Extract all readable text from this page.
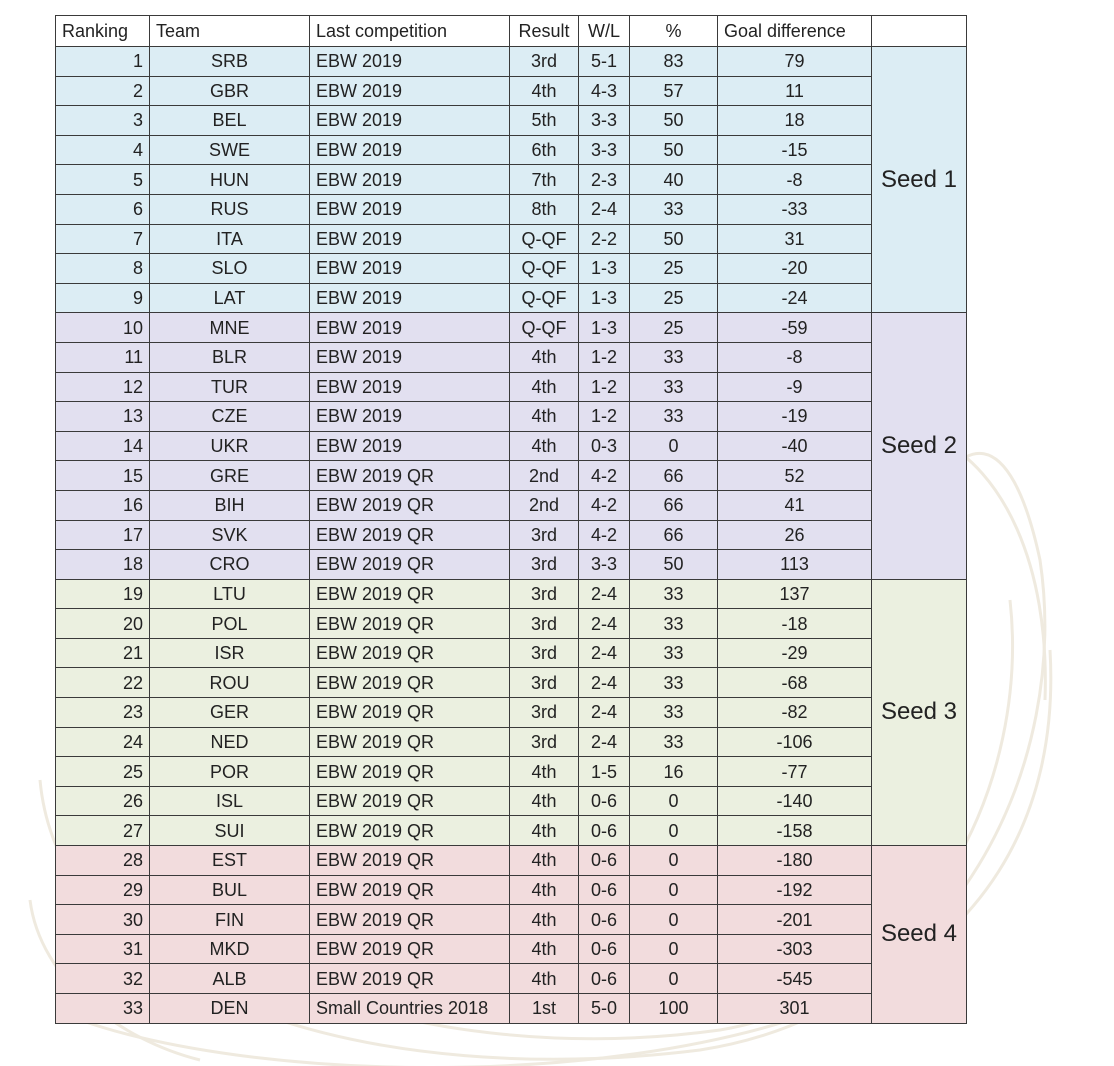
Ranking	Team	Last competition	Result	W/L	%	Goal difference	
1	SRB	EBW 2019	3rd	5-1	83	79	Seed 1
2	GBR	EBW 2019	4th	4-3	57	11	
3	BEL	EBW 2019	5th	3-3	50	18	
4	SWE	EBW 2019	6th	3-3	50	-15	
5	HUN	EBW 2019	7th	2-3	40	-8	
6	RUS	EBW 2019	8th	2-4	33	-33	
7	ITA	EBW 2019	Q-QF	2-2	50	31	
8	SLO	EBW 2019	Q-QF	1-3	25	-20	
9	LAT	EBW 2019	Q-QF	1-3	25	-24	
10	MNE	EBW 2019	Q-QF	1-3	25	-59	Seed 2
11	BLR	EBW 2019	4th	1-2	33	-8	
12	TUR	EBW 2019	4th	1-2	33	-9	
13	CZE	EBW 2019	4th	1-2	33	-19	
14	UKR	EBW 2019	4th	0-3	0	-40	
15	GRE	EBW 2019 QR	2nd	4-2	66	52	
16	BIH	EBW 2019 QR	2nd	4-2	66	41	
17	SVK	EBW 2019 QR	3rd	4-2	66	26	
18	CRO	EBW 2019 QR	3rd	3-3	50	113	
19	LTU	EBW 2019 QR	3rd	2-4	33	137	Seed 3
20	POL	EBW 2019 QR	3rd	2-4	33	-18	
21	ISR	EBW 2019 QR	3rd	2-4	33	-29	
22	ROU	EBW 2019 QR	3rd	2-4	33	-68	
23	GER	EBW 2019 QR	3rd	2-4	33	-82	
24	NED	EBW 2019 QR	3rd	2-4	33	-106	
25	POR	EBW 2019 QR	4th	1-5	16	-77	
26	ISL	EBW 2019 QR	4th	0-6	0	-140	
27	SUI	EBW 2019 QR	4th	0-6	0	-158	
28	EST	EBW 2019 QR	4th	0-6	0	-180	Seed 4
29	BUL	EBW 2019 QR	4th	0-6	0	-192	
30	FIN	EBW 2019 QR	4th	0-6	0	-201	
31	MKD	EBW 2019 QR	4th	0-6	0	-303	
32	ALB	EBW 2019 QR	4th	0-6	0	-545	
33	DEN	Small Countries 2018	1st	5-0	100	301	
